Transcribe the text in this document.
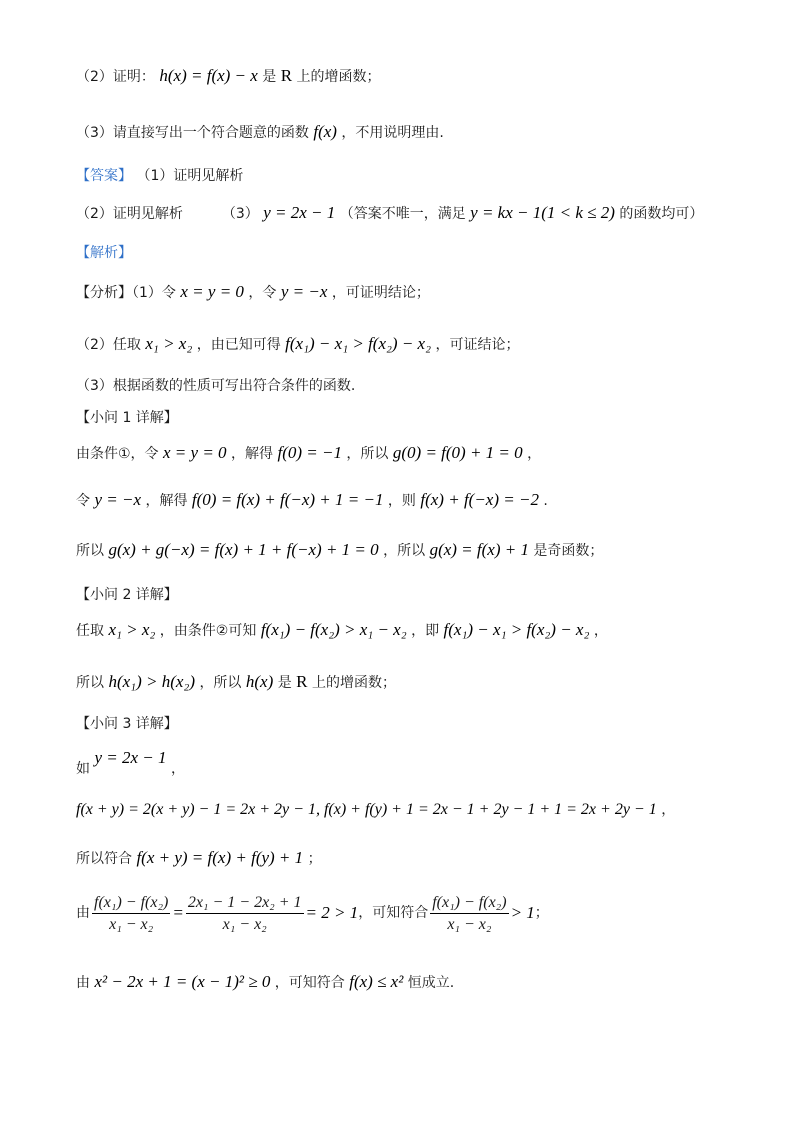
（2）证明： h(x) = f(x) − x 是 R 上的增函数；
（3）请直接写出一个符合题意的函数 f(x) ，不用说明理由.
【答案】 （1）证明见解析
（2）证明见解析	（3） y = 2x − 1 （答案不唯一，满足 y = kx − 1(1 < k ≤ 2) 的函数均可）
【解析】
【分析】（1）令 x = y = 0 ，令 y = −x ，可证明结论；
（2）任取 x₁ > x₂ ，由已知可得 f(x₁) − x₁ > f(x₂) − x₂ ，可证结论；
（3）根据函数的性质可写出符合条件的函数.
【小问 1 详解】
由条件①，令 x = y = 0 ，解得 f(0) = −1 ，所以 g(0) = f(0) + 1 = 0 ，
令 y = −x ，解得 f(0) = f(x) + f(−x) + 1 = −1 ，则 f(x) + f(−x) = −2 .
所以 g(x) + g(−x) = f(x) + 1 + f(−x) + 1 = 0 ，所以 g(x) = f(x) + 1 是奇函数；
【小问 2 详解】
任取 x₁ > x₂ ，由条件②可知 f(x₁) − f(x₂) > x₁ − x₂ ，即 f(x₁) − x₁ > f(x₂) − x₂ ，
所以 h(x₁) > h(x₂) ，所以 h(x) 是 R 上的增函数；
【小问 3 详解】
如 y = 2x − 1 ，
f(x + y) = 2(x + y) − 1 = 2x + 2y − 1, f(x) + f(y) + 1 = 2x − 1 + 2y − 1 + 1 = 2x + 2y − 1 ，
所以符合 f(x + y) = f(x) + f(y) + 1 ；
由 $\frac{\text{f(x₁) − f(x₂)}}{\text{x₁ − x₂}} = \frac{\text{2x₁ − 1 − 2x₂ + 1}}{\text{x₁ − x₂}} = 2 > 1$ ，可知符合 $\frac{\text{f(x₁) − f(x₂)}}{\text{x₁ − x₂}} > 1$ ；
由 x² − 2x + 1 = (x − 1)² ≥ 0 ，可知符合 f(x) ≤ x² 恒成立.
